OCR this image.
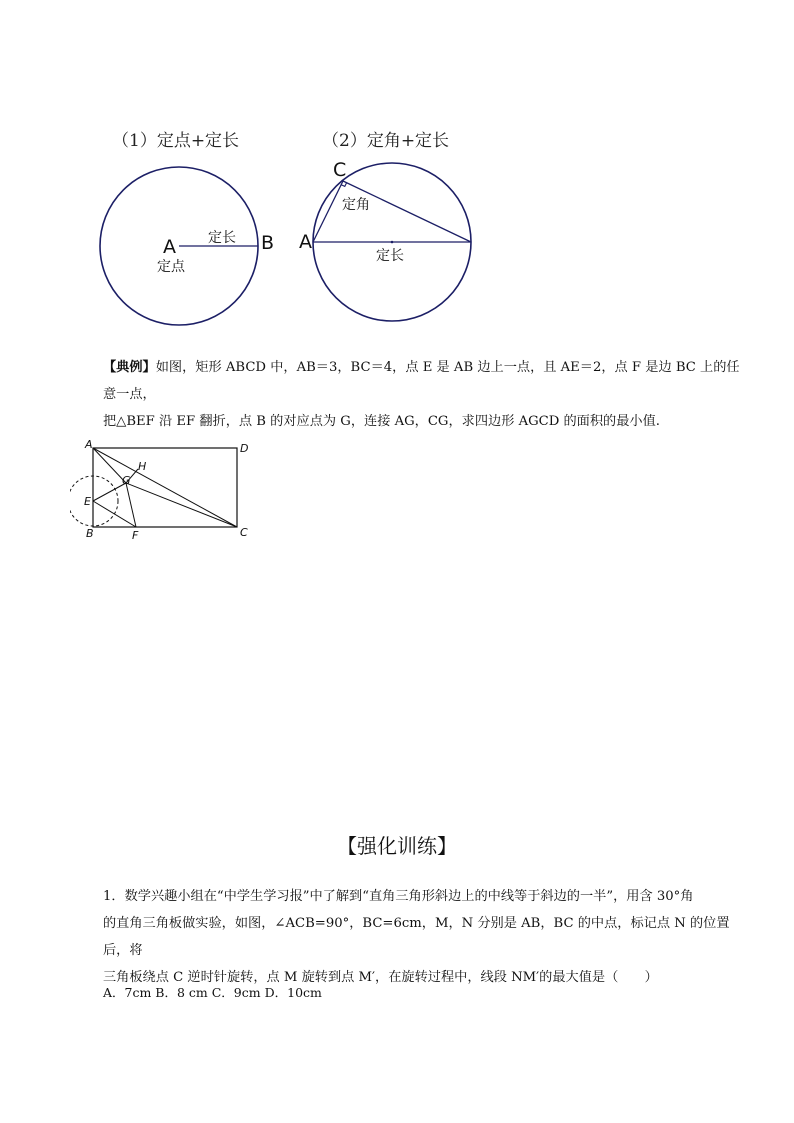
（1）定点+定长	（2）定角+定长
A	B
定长
定点
C
A
定角
定长
【典例】如图，矩形 ABCD 中，AB＝3，BC＝4，点 E 是 AB 边上一点，且 AE＝2，点 F 是边 BC 上的任意一点，
把△BEF 沿 EF 翻折，点 B 的对应点为 G，连接 AG，CG，求四边形 AGCD 的面积的最小值.
A	D
H
G
E
B	F	C
【强化训练】
1．数学兴趣小组在“中学生学习报”中了解到“直角三角形斜边上的中线等于斜边的一半”，用含 30°角
的直角三角板做实验，如图，∠ACB=90°，BC=6cm，M，N 分别是 AB，BC 的中点，标记点 N 的位置后，将
三角板绕点 C 逆时针旋转，点 M 旋转到点 M′，在旋转过程中，线段 NM′的最大值是（　　）
A．7cm B．8 cm C．9cm D．10cm
